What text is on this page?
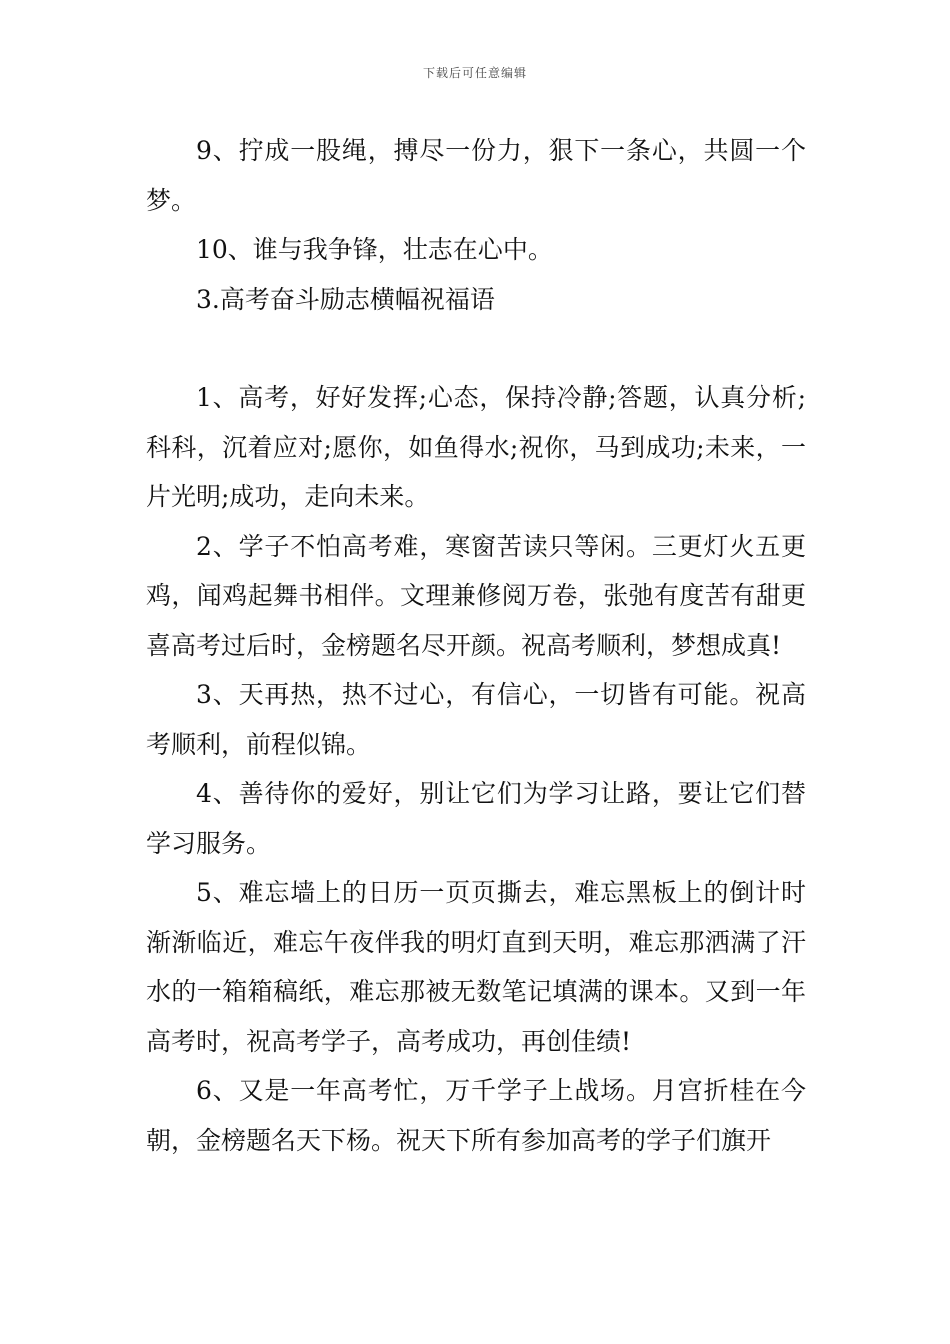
下载后可任意编辑

9、拧成一股绳，搏尽一份力，狠下一条心，共圆一个梦。

10、谁与我争锋，壮志在心中。

3.高考奋斗励志横幅祝福语

1、高考，好好发挥;心态，保持冷静;答题，认真分析;科科，沉着应对;愿你，如鱼得水;祝你，马到成功;未来，一片光明;成功，走向未来。

2、学子不怕高考难，寒窗苦读只等闲。三更灯火五更鸡，闻鸡起舞书相伴。文理兼修阅万卷，张弛有度苦有甜更喜高考过后时，金榜题名尽开颜。祝高考顺利，梦想成真!

3、天再热，热不过心，有信心，一切皆有可能。祝高考顺利，前程似锦。

4、善待你的爱好，别让它们为学习让路，要让它们替学习服务。

5、难忘墙上的日历一页页撕去，难忘黑板上的倒计时渐渐临近，难忘午夜伴我的明灯直到天明，难忘那洒满了汗水的一箱箱稿纸，难忘那被无数笔记填满的课本。又到一年高考时，祝高考学子，高考成功，再创佳绩!

6、又是一年高考忙，万千学子上战场。月宫折桂在今朝，金榜题名天下杨。祝天下所有参加高考的学子们旗开
